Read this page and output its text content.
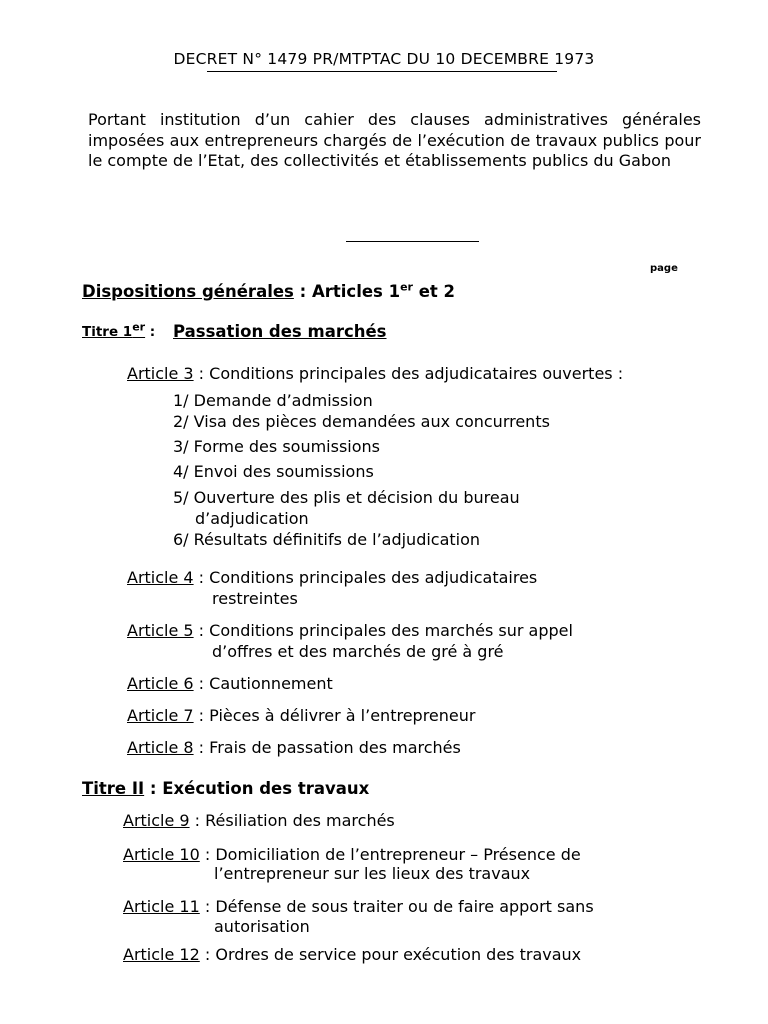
DECRET N° 1479 PR/MTPTAC DU 10 DECEMBRE 1973
Portant institution d’un cahier des clauses administratives générales
imposées aux entrepreneurs chargés de l’exécution de travaux publics pour
le compte de l’Etat, des collectivités et établissements publics du Gabon
page
Dispositions générales : Articles 1er et 2
Titre 1er : Passation des marchés
Article 3 : Conditions principales des adjudicataires ouvertes :
1/ Demande d’admission
2/ Visa des pièces demandées aux concurrents
3/ Forme des soumissions
4/ Envoi des soumissions
5/ Ouverture des plis et décision du bureau
d’adjudication
6/ Résultats définitifs de l’adjudication
Article 4 : Conditions principales des adjudicataires
restreintes
Article 5 : Conditions principales des marchés sur appel
d’offres et des marchés de gré à gré
Article 6 : Cautionnement
Article 7 : Pièces à délivrer à l’entrepreneur
Article 8 : Frais de passation des marchés
Titre II : Exécution des travaux
Article 9 : Résiliation des marchés
Article 10 : Domiciliation de l’entrepreneur – Présence de
l’entrepreneur sur les lieux des travaux
Article 11 : Défense de sous traiter ou de faire apport sans
autorisation
Article 12 : Ordres de service pour exécution des travaux
